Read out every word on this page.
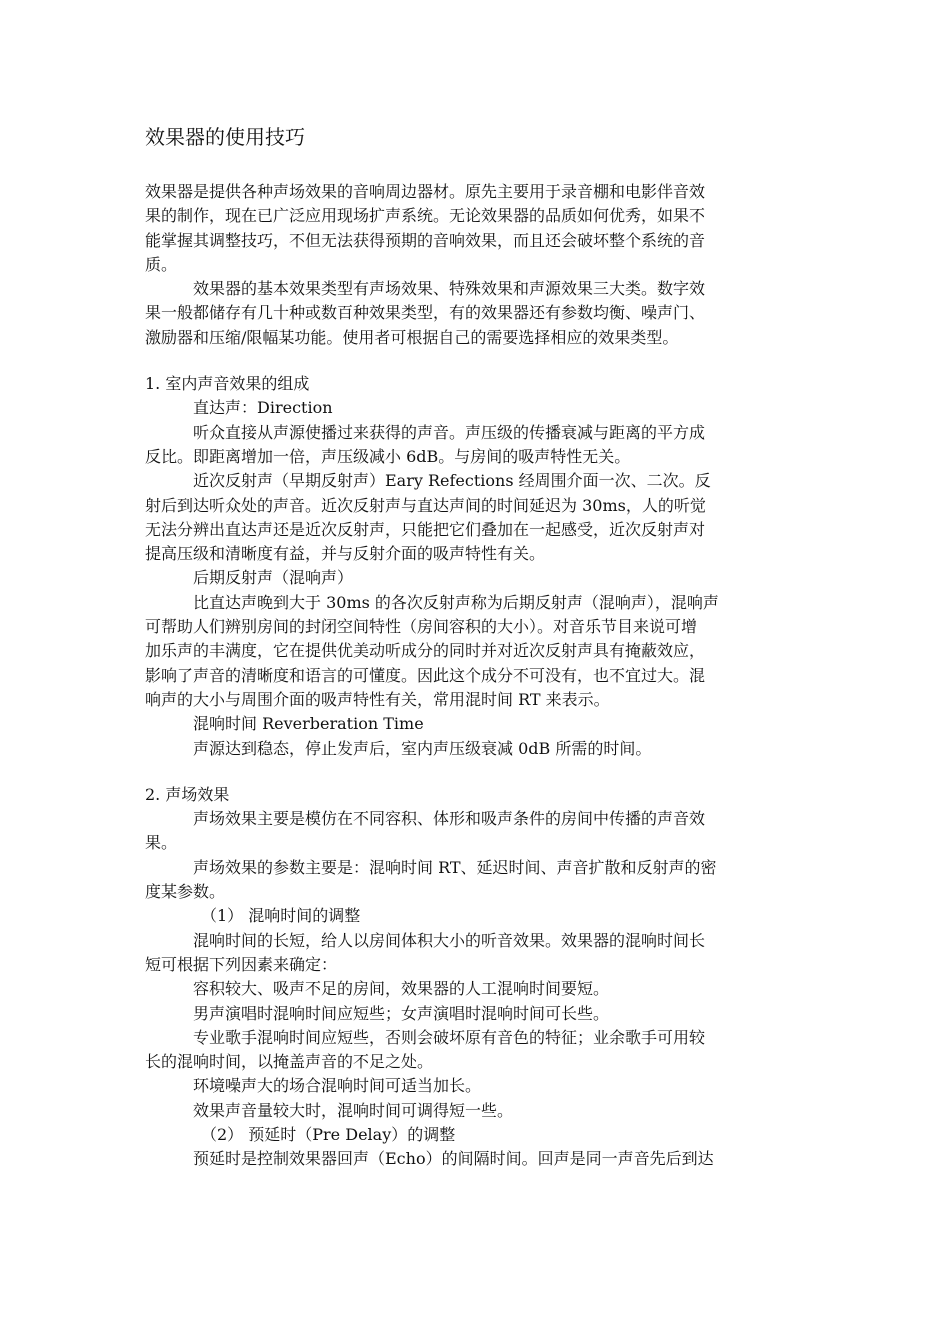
效果器的使用技巧
效果器是提供各种声场效果的音响周边器材。原先主要用于录音棚和电影伴音效
果的制作，现在已广泛应用现场扩声系统。无论效果器的品质如何优秀，如果不
能掌握其调整技巧，不但无法获得预期的音响效果，而且还会破坏整个系统的音
质。
效果器的基本效果类型有声场效果、特殊效果和声源效果三大类。数字效
果一般都储存有几十种或数百种效果类型，有的效果器还有参数均衡、噪声门、
激励器和压缩/限幅某功能。使用者可根据自己的需要选择相应的效果类型。
1. 室内声音效果的组成
直达声：Direction
听众直接从声源使播过来获得的声音。声压级的传播衰减与距离的平方成
反比。即距离增加一倍，声压级减小 6dB。与房间的吸声特性无关。
近次反射声（早期反射声）Eary Refections 经周围介面一次、二次。反
射后到达听众处的声音。近次反射声与直达声间的时间延迟为 30ms，人的听觉
无法分辨出直达声还是近次反射声，只能把它们叠加在一起感受，近次反射声对
提高压级和清晰度有益，并与反射介面的吸声特性有关。
后期反射声（混响声）
比直达声晚到大于 30ms 的各次反射声称为后期反射声（混响声），混响声
可帮助人们辨别房间的封闭空间特性（房间容积的大小）。对音乐节目来说可增
加乐声的丰满度，它在提供优美动听成分的同时并对近次反射声具有掩蔽效应，
影响了声音的清晰度和语言的可懂度。因此这个成分不可没有，也不宜过大。混
响声的大小与周围介面的吸声特性有关，常用混时间 RT 来表示。
混响时间 Reverberation Time
声源达到稳态，停止发声后，室内声压级衰减 0dB 所需的时间。
2. 声场效果
声场效果主要是模仿在不同容积、体形和吸声条件的房间中传播的声音效
果。
声场效果的参数主要是：混响时间 RT、延迟时间、声音扩散和反射声的密
度某参数。
（1） 混响时间的调整
混响时间的长短，给人以房间体积大小的听音效果。效果器的混响时间长
短可根据下列因素来确定：
容积较大、吸声不足的房间，效果器的人工混响时间要短。
男声演唱时混响时间应短些；女声演唱时混响时间可长些。
专业歌手混响时间应短些，否则会破坏原有音色的特征；业余歌手可用较
长的混响时间，以掩盖声音的不足之处。
环境噪声大的场合混响时间可适当加长。
效果声音量较大时，混响时间可调得短一些。
（2） 预延时（Pre Delay）的调整
预延时是控制效果器回声（Echo）的间隔时间。回声是同一声音先后到达
